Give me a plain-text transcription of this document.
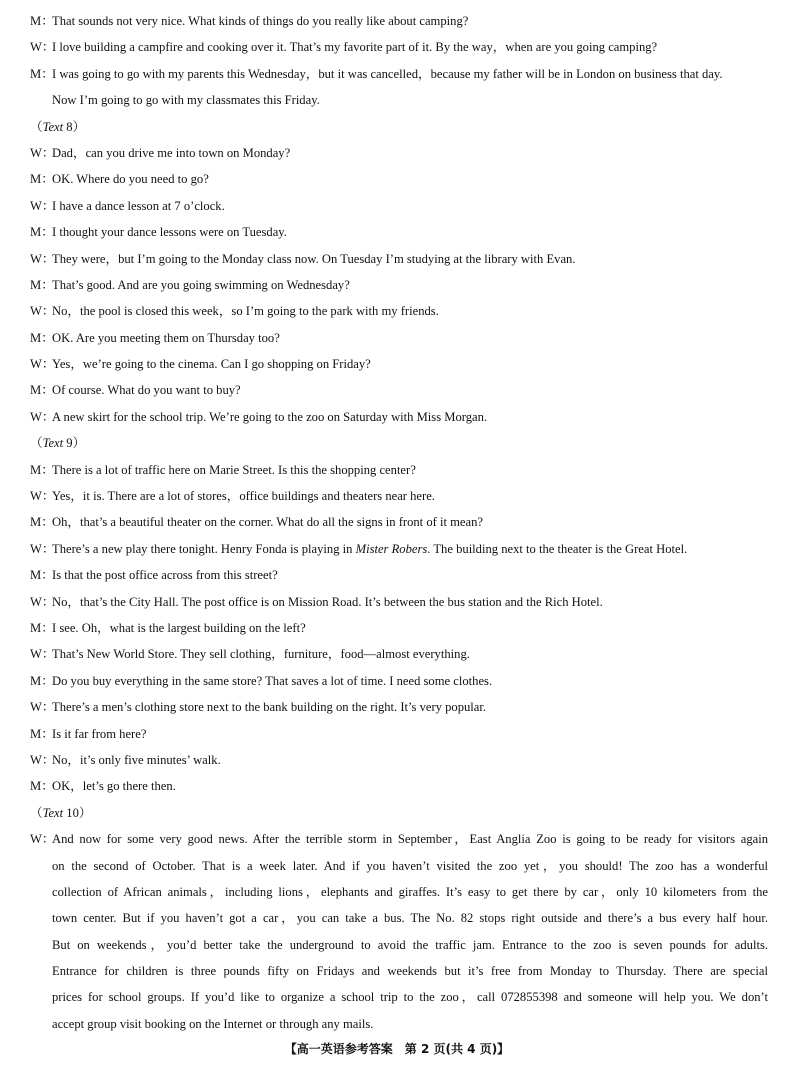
M：That sounds not very nice. What kinds of things do you really like about camping?
W：I love building a campfire and cooking over it. That’s my favorite part of it. By the way，when are you going camping?
M：I was going to go with my parents this Wednesday，but it was cancelled，because my father will be in London on business that day.
Now I’m going to go with my classmates this Friday.
（Text 8）
W：Dad，can you drive me into town on Monday?
M：OK. Where do you need to go?
W：I have a dance lesson at 7 o’clock.
M：I thought your dance lessons were on Tuesday.
W：They were，but I’m going to the Monday class now. On Tuesday I’m studying at the library with Evan.
M：That’s good. And are you going swimming on Wednesday?
W：No，the pool is closed this week，so I’m going to the park with my friends.
M：OK. Are you meeting them on Thursday too?
W：Yes，we’re going to the cinema. Can I go shopping on Friday?
M：Of course. What do you want to buy?
W：A new skirt for the school trip. We’re going to the zoo on Saturday with Miss Morgan.
（Text 9）
M：There is a lot of traffic here on Marie Street. Is this the shopping center?
W：Yes，it is. There are a lot of stores，office buildings and theaters near here.
M：Oh，that’s a beautiful theater on the corner. What do all the signs in front of it mean?
W：There’s a new play there tonight. Henry Fonda is playing in Mister Robers. The building next to the theater is the Great Hotel.
M：Is that the post office across from this street?
W：No，that’s the City Hall. The post office is on Mission Road. It’s between the bus station and the Rich Hotel.
M：I see. Oh，what is the largest building on the left?
W：That’s New World Store. They sell clothing，furniture，food—almost everything.
M：Do you buy everything in the same store? That saves a lot of time. I need some clothes.
W：There’s a men’s clothing store next to the bank building on the right. It’s very popular.
M：Is it far from here?
W：No，it’s only five minutes’ walk.
M：OK，let’s go there then.
（Text 10）
W：
And now for some very good news. After the terrible storm in September，East Anglia Zoo is going to be ready for visitors again
on the second of October. That is a week later. And if you haven’t visited the zoo yet，you should! The zoo has a wonderful
collection of African animals，including lions，elephants and giraffes. It’s easy to get there by car，only 10 kilometers from the
town center. But if you haven’t got a car，you can take a bus. The No. 82 stops right outside and there’s a bus every half hour.
But on weekends，you’d better take the underground to avoid the traffic jam. Entrance to the zoo is seven pounds for adults.
Entrance for children is three pounds fifty on Fridays and weekends but it’s free from Monday to Thursday. There are special
prices for school groups. If you’d like to organize a school trip to the zoo，call 072855398 and someone will help you. We don’t
accept group visit booking on the Internet or through any mails.
【高一英语参考答案　第 2 页(共 4 页)】
